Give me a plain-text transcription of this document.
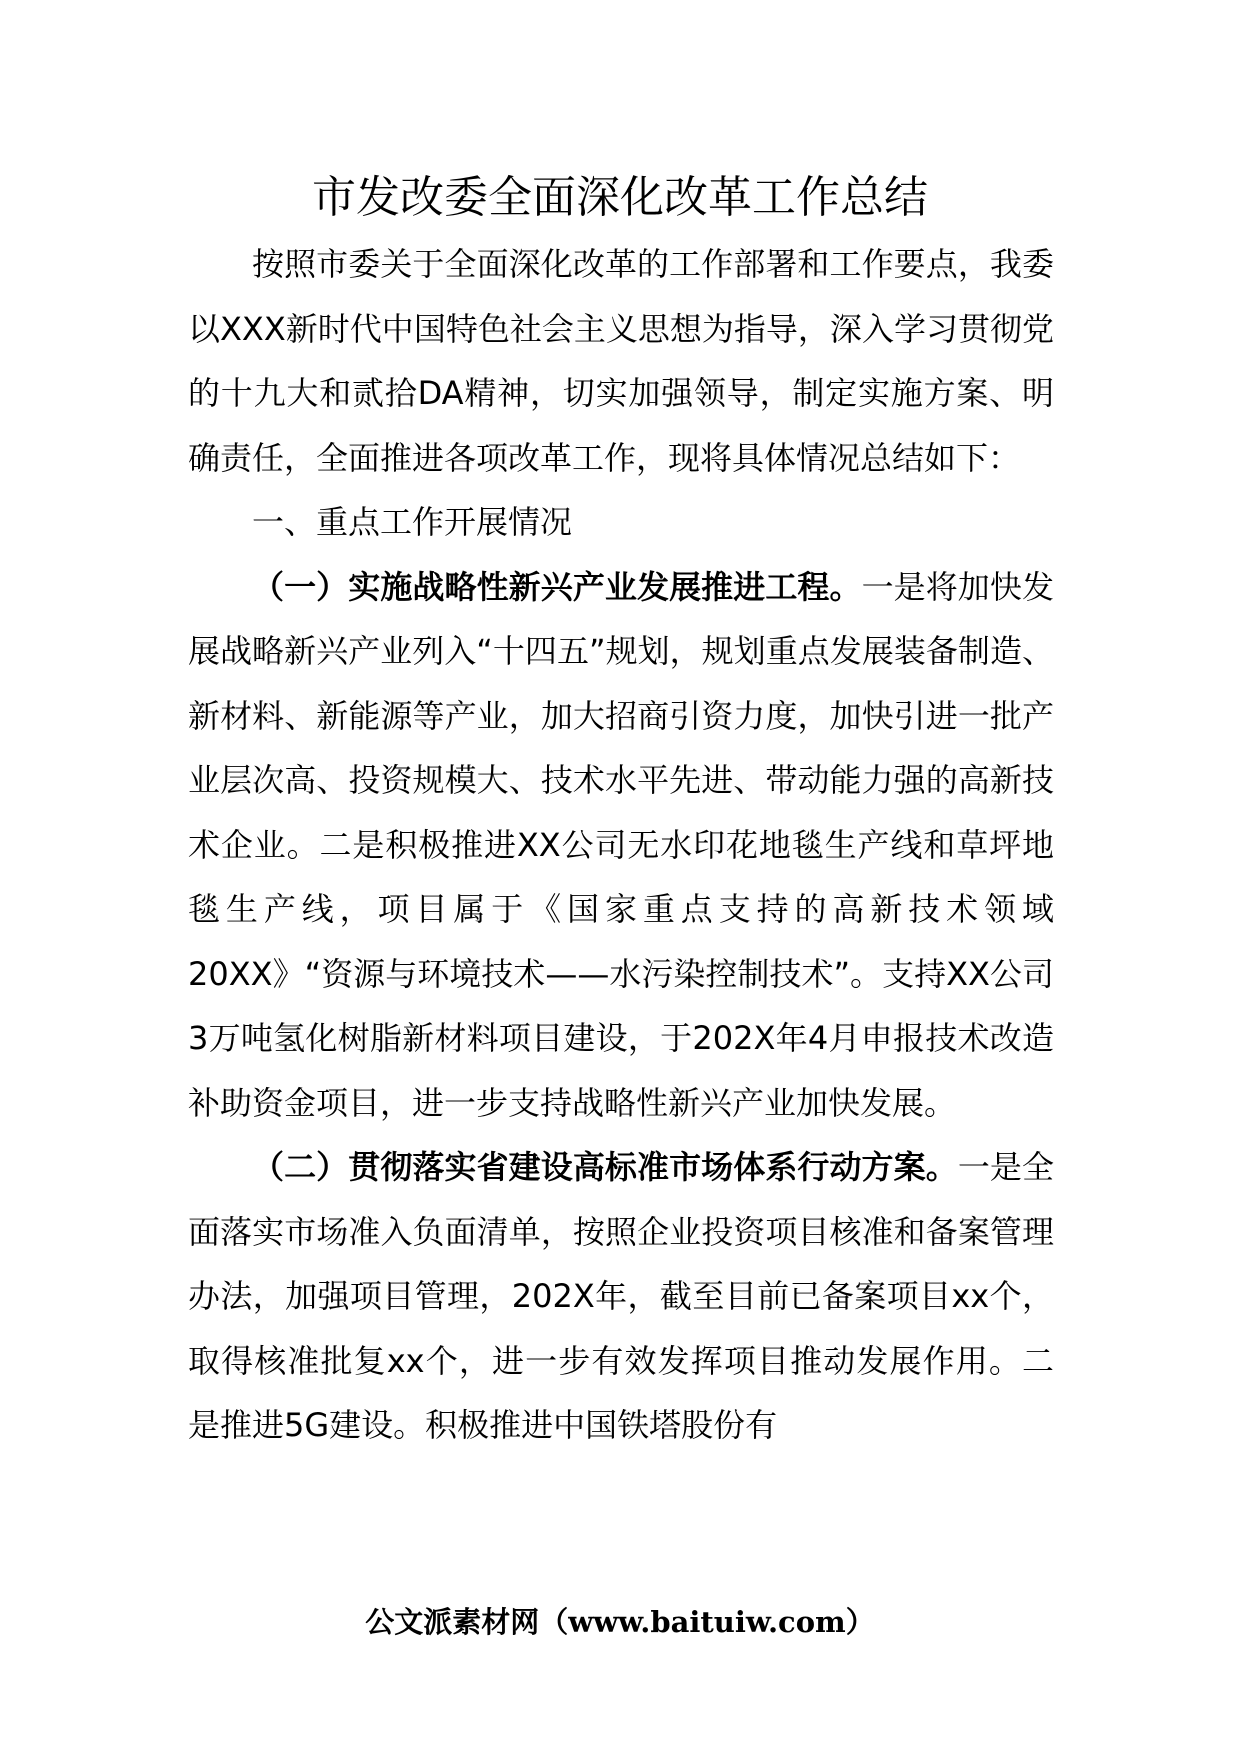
市发改委全面深化改革工作总结

按照市委关于全面深化改革的工作部署和工作要点，我委以XXX新时代中国特色社会主义思想为指导，深入学习贯彻党的十九大和贰拾DA精神，切实加强领导，制定实施方案、明确责任，全面推进各项改革工作，现将具体情况总结如下：

一、重点工作开展情况

（一）实施战略性新兴产业发展推进工程。一是将加快发展战略新兴产业列入“十四五”规划，规划重点发展装备制造、新材料、新能源等产业，加大招商引资力度，加快引进一批产业层次高、投资规模大、技术水平先进、带动能力强的高新技术企业。二是积极推进XX公司无水印花地毯生产线和草坪地毯生产线，项目属于《国家重点支持的高新技术领域20XX》“资源与环境技术——水污染控制技术”。支持XX公司3万吨氢化树脂新材料项目建设，于202X年4月申报技术改造补助资金项目，进一步支持战略性新兴产业加快发展。

（二）贯彻落实省建设高标准市场体系行动方案。一是全面落实市场准入负面清单，按照企业投资项目核准和备案管理办法，加强项目管理，202X年，截至目前已备案项目xx个，取得核准批复xx个，进一步有效发挥项目推动发展作用。二是推进5G建设。积极推进中国铁塔股份有

公文派素材网（www.baituiw.com）
